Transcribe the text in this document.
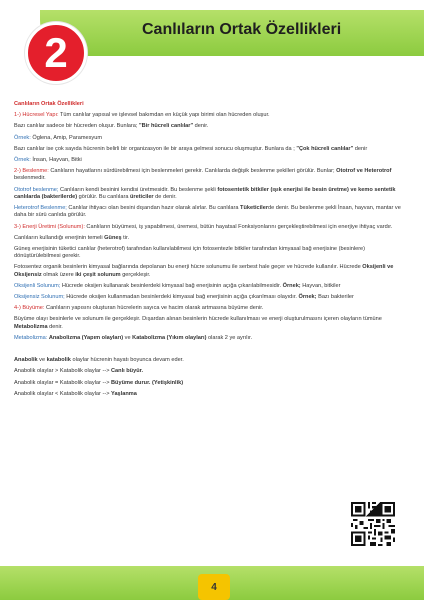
Canlıların Ortak Özellikleri
2
Canlıların Ortak Özellikleri
1-) Hücresel Yapı: Tüm canlılar yapısal ve işlevsel bakımdan en küçük yapı birimi olan hücreden oluşur.
Bazı canlılar sadece bir hücreden oluşur. Bunlara; "Bir hücreli canlılar" denir.
Örnek: Öglena, Amip, Paramesyum
Bazı canlılar ise çok sayıda hücrenin belirli bir organizasyon ile bir araya gelmesi sonucu oluşmuştur. Bunlara da ; "Çok hücreli canlılar" denir
Örnek: İnsan, Hayvan, Bitki
2-) Beslenme: Canlıların hayatlarını sürdürebilmesi için beslenmeleri gerekir. Canlılarda değişik beslenme şekilleri görülür. Bunlar; Ototrof ve Heterotrof beslenmedir.
Ototrof beslenme; Canlıların kendi besinini kendisi üretmesidir. Bu beslenme şekli fotosentetik bitkiler (ışık enerjisi ile besin üretme) ve kemo sentetik canlılarda (bakterilerde) görülür. Bu canlılara üreticiler de denir.
Heterotrof Beslenme; Canlılar ihtiyacı olan besini dışarıdan hazır olarak alırlar. Bu canlılara Tüketicilerde denir. Bu beslenme şekli İnsan, hayvan, mantar ve daha bir sürü canlıda görülür.
3-) Enerji Üretimi (Solunum): Canlıların büyümesi, iş yapabilmesi, üremesi, bütün hayatsal Fonksiyonlarını gerçekleştirebilmesi için enerjiye ihtiyaç vardır.
Canlıların kullandığı enerjinin temeli Güneş tir.
Güneş enerjisinin tüketici canlılar (heterotrof) tarafından kullanılabilmesi için fotosentezle bitkiler tarafından kimyasal bağ enerjisine (besinlere) dönüştürülebilmesi gerekir.
Fotosentez organik besinlerin kimyasal bağlarında depolanan bu enerji hücre solunumu ile serbest hale geçer ve hücrede kullanılır. Hücrede Oksijenli ve Oksijensiz olmak üzere iki çeşit solunum gerçekleşir.
Oksijenli Solunum; Hücrede oksijen kullanarak besinlerdeki kimyasal bağ enerjisinin açığa çıkarılabilmesidir. Örnek; Hayvan, bitkiler
Oksijensiz Solunum; Hücrede oksijen kullanmadan besinlerdeki kimyasal bağ enerjisinin açığa çıkarılması olayıdır. Örnek; Bazı bakteriler
4-) Büyüme: Canlıların yapısını oluşturan hücrelerin sayıca ve hacim olarak artmasına büyüme denir.
Büyüme olayı besinlerle ve solunum ile gerçekleşir. Dışardan alınan besinlerin hücrede kullanılması ve enerji oluşturulmasını içeren olayların tümüne Metabolizma denir.
Metabolizma: Anabolizma (Yapım olayları) ve Katabolizma (Yıkım olayları) olarak 2 ye ayrılır.
Anabolik ve katabolik olaylar hücrenin hayatı boyunca devam eder.
Anabolik olaylar > Katabolik olaylar --> Canlı büyür.
Anabolik olaylar = Katabolik olaylar --> Büyüme durur. (Yetişkinlik)
Anabolik olaylar < Katabolik olaylar --> Yaşlanma
4
